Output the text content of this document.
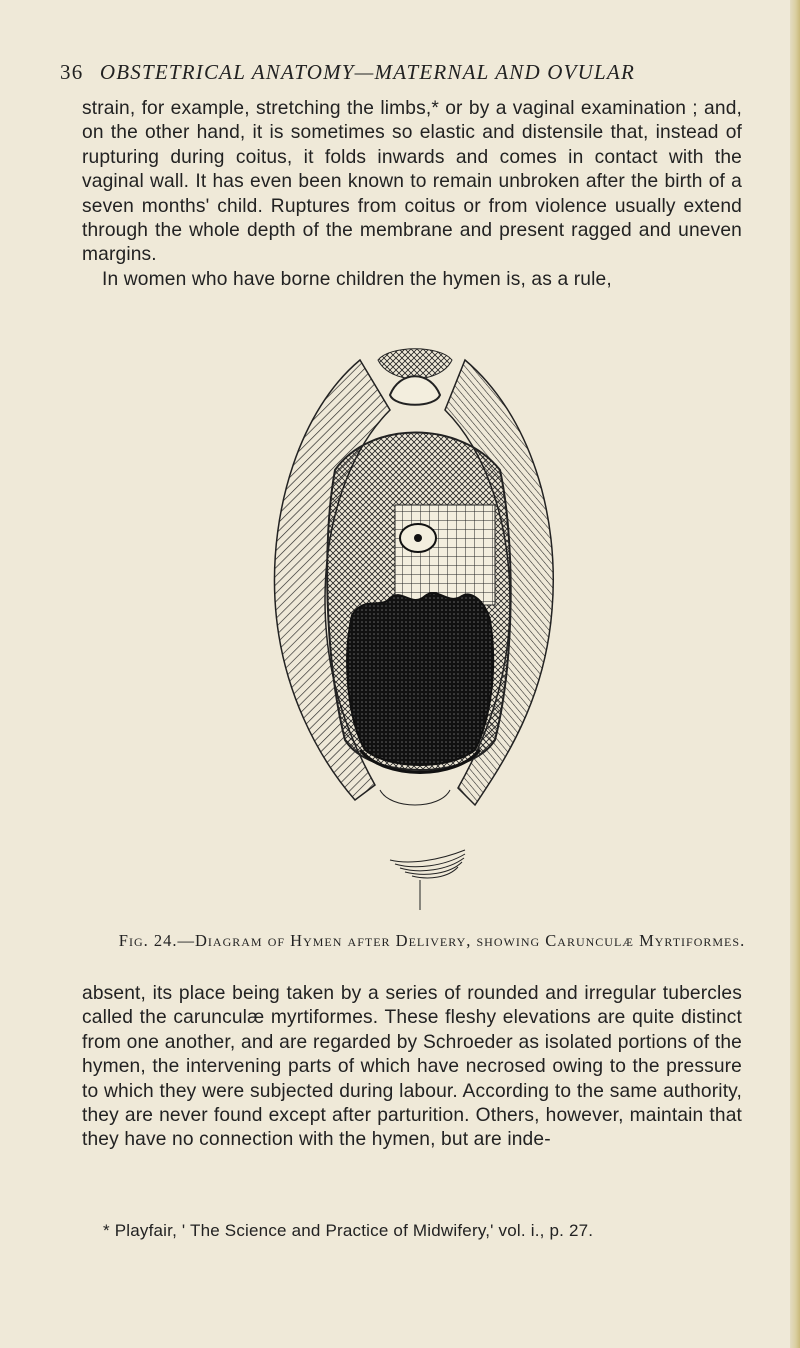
36 OBSTETRICAL ANATOMY—MATERNAL AND OVULAR
strain, for example, stretching the limbs,* or by a vaginal examination ; and, on the other hand, it is sometimes so elastic and distensile that, instead of rupturing during coitus, it folds inwards and comes in contact with the vaginal wall. It has even been known to remain unbroken after the birth of a seven months' child. Ruptures from coitus or from violence usually extend through the whole depth of the membrane and present ragged and uneven margins.
In women who have borne children the hymen is, as a rule,
Fig. 24.—Diagram of Hymen after Delivery, showing Carunculæ Myrtiformes.
absent, its place being taken by a series of rounded and irregular tubercles called the carunculæ myrtiformes. These fleshy elevations are quite distinct from one another, and are regarded by Schroeder as isolated portions of the hymen, the intervening parts of which have necrosed owing to the pressure to which they were subjected during labour. According to the same authority, they are never found except after parturition. Others, however, maintain that they have no connection with the hymen, but are inde-
* Playfair, ' The Science and Practice of Midwifery,' vol. i., p. 27.
